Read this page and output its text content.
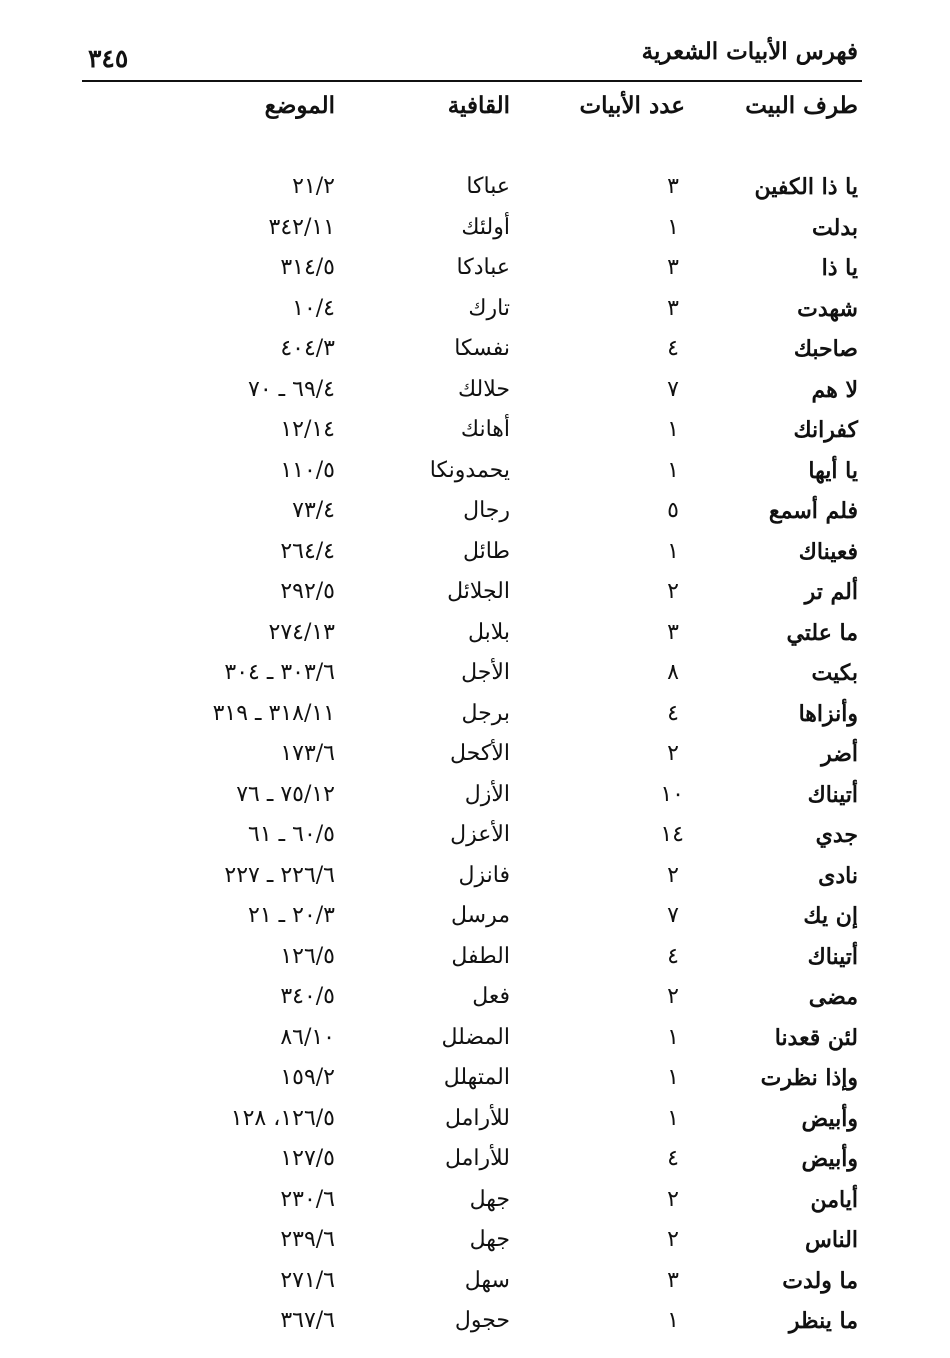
فهرس الأبيات الشعرية
٣٤٥
طرف البيت
عدد الأبيات
القافية
الموضع
يا ذا الكفين
٣
عباكا
٢١/٢
بدلت
١
أولئك
٣٤٢/١١
يا ذا
٣
عبادكا
٣١٤/٥
شهدت
٣
تارك
١٠/٤
صاحبك
٤
نفسكا
٤٠٤/٣
لا هم
٧
حلالك
٦٩/٤ ـ ٧٠
كفرانك
١
أهانك
١٢/١٤
يا أيها
١
يحمدونكا
١١٠/٥
فلم أسمع
٥
رجال
٧٣/٤
فعيناك
١
طائل
٢٦٤/٤
ألم تر
٢
الجلائل
٢٩٢/٥
ما علتي
٣
بلابل
٢٧٤/١٣
بكيت
٨
الأجل
٣٠٣/٦ ـ ٣٠٤
وأنزاها
٤
برجل
٣١٨/١١ ـ ٣١٩
أضر
٢
الأكحل
١٧٣/٦
أتيناك
١٠
الأزل
٧٥/١٢ ـ ٧٦
جدي
١٤
الأعزل
٦٠/٥ ـ ٦١
نادى
٢
فانزل
٢٢٦/٦ ـ ٢٢٧
إن يك
٧
مرسل
٢٠/٣ ـ ٢١
أتيناك
٤
الطفل
١٢٦/٥
مضى
٢
فعل
٣٤٠/٥
لئن قعدنا
١
المضلل
٨٦/١٠
وإذا نظرت
١
المتهلل
١٥٩/٢
وأبيض
١
للأرامل
١٢٦/٥، ١٢٨
وأبيض
٤
للأرامل
١٢٧/٥
أيامن
٢
جهل
٢٣٠/٦
الناس
٢
جهل
٢٣٩/٦
ما ولدت
٣
سهل
٢٧١/٦
ما ينظر
١
حجول
٣٦٧/٦
